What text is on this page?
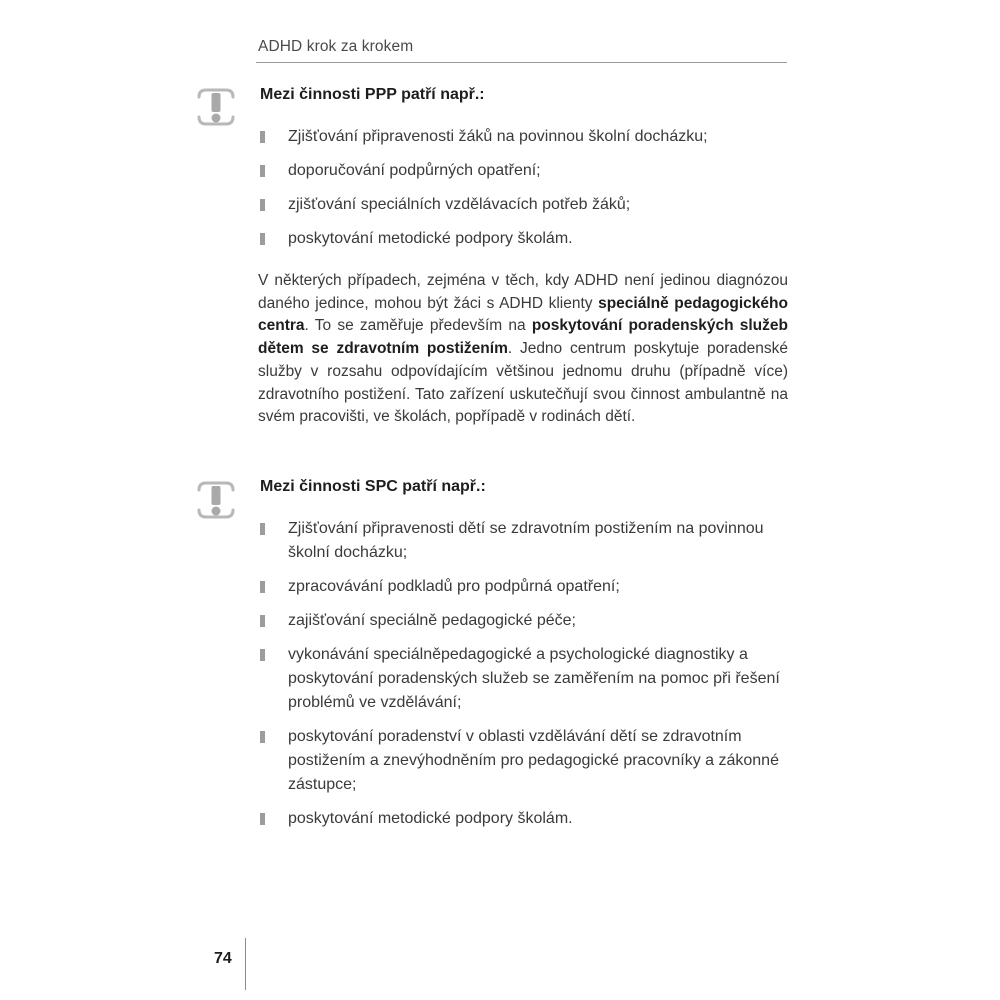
ADHD krok za krokem
Mezi činnosti PPP patří např.:
Zjišťování připravenosti žáků na povinnou školní docházku;
doporučování podpůrných opatření;
zjišťování speciálních vzdělávacích potřeb žáků;
poskytování metodické podpory školám.

V některých případech, zejména v těch, kdy ADHD není jedinou diagnózou daného jedince, mohou být žáci s ADHD klienty speciálně pedagogického centra. To se zaměřuje především na poskytování poradenských služeb dětem se zdravotním postižením. Jedno centrum poskytuje poradenské služby v rozsahu odpovídajícím většinou jednomu druhu (případně více) zdravotního postižení. Tato zařízení uskutečňují svou činnost ambulantně na svém pracovišti, ve školách, popřípadě v rodinách dětí.

Mezi činnosti SPC patří např.:
Zjišťování připravenosti dětí se zdravotním postižením na povinnou školní docházku;
zpracovávání podkladů pro podpůrná opatření;
zajišťování speciálně pedagogické péče;
vykonávání speciálněpedagogické a psychologické diagnostiky a poskytování poradenských služeb se zaměřením na pomoc při řešení problémů ve vzdělávání;
poskytování poradenství v oblasti vzdělávání dětí se zdravotním postižením a znevýhodněním pro pedagogické pracovníky a zákonné zástupce;
poskytování metodické podpory školám.
74
